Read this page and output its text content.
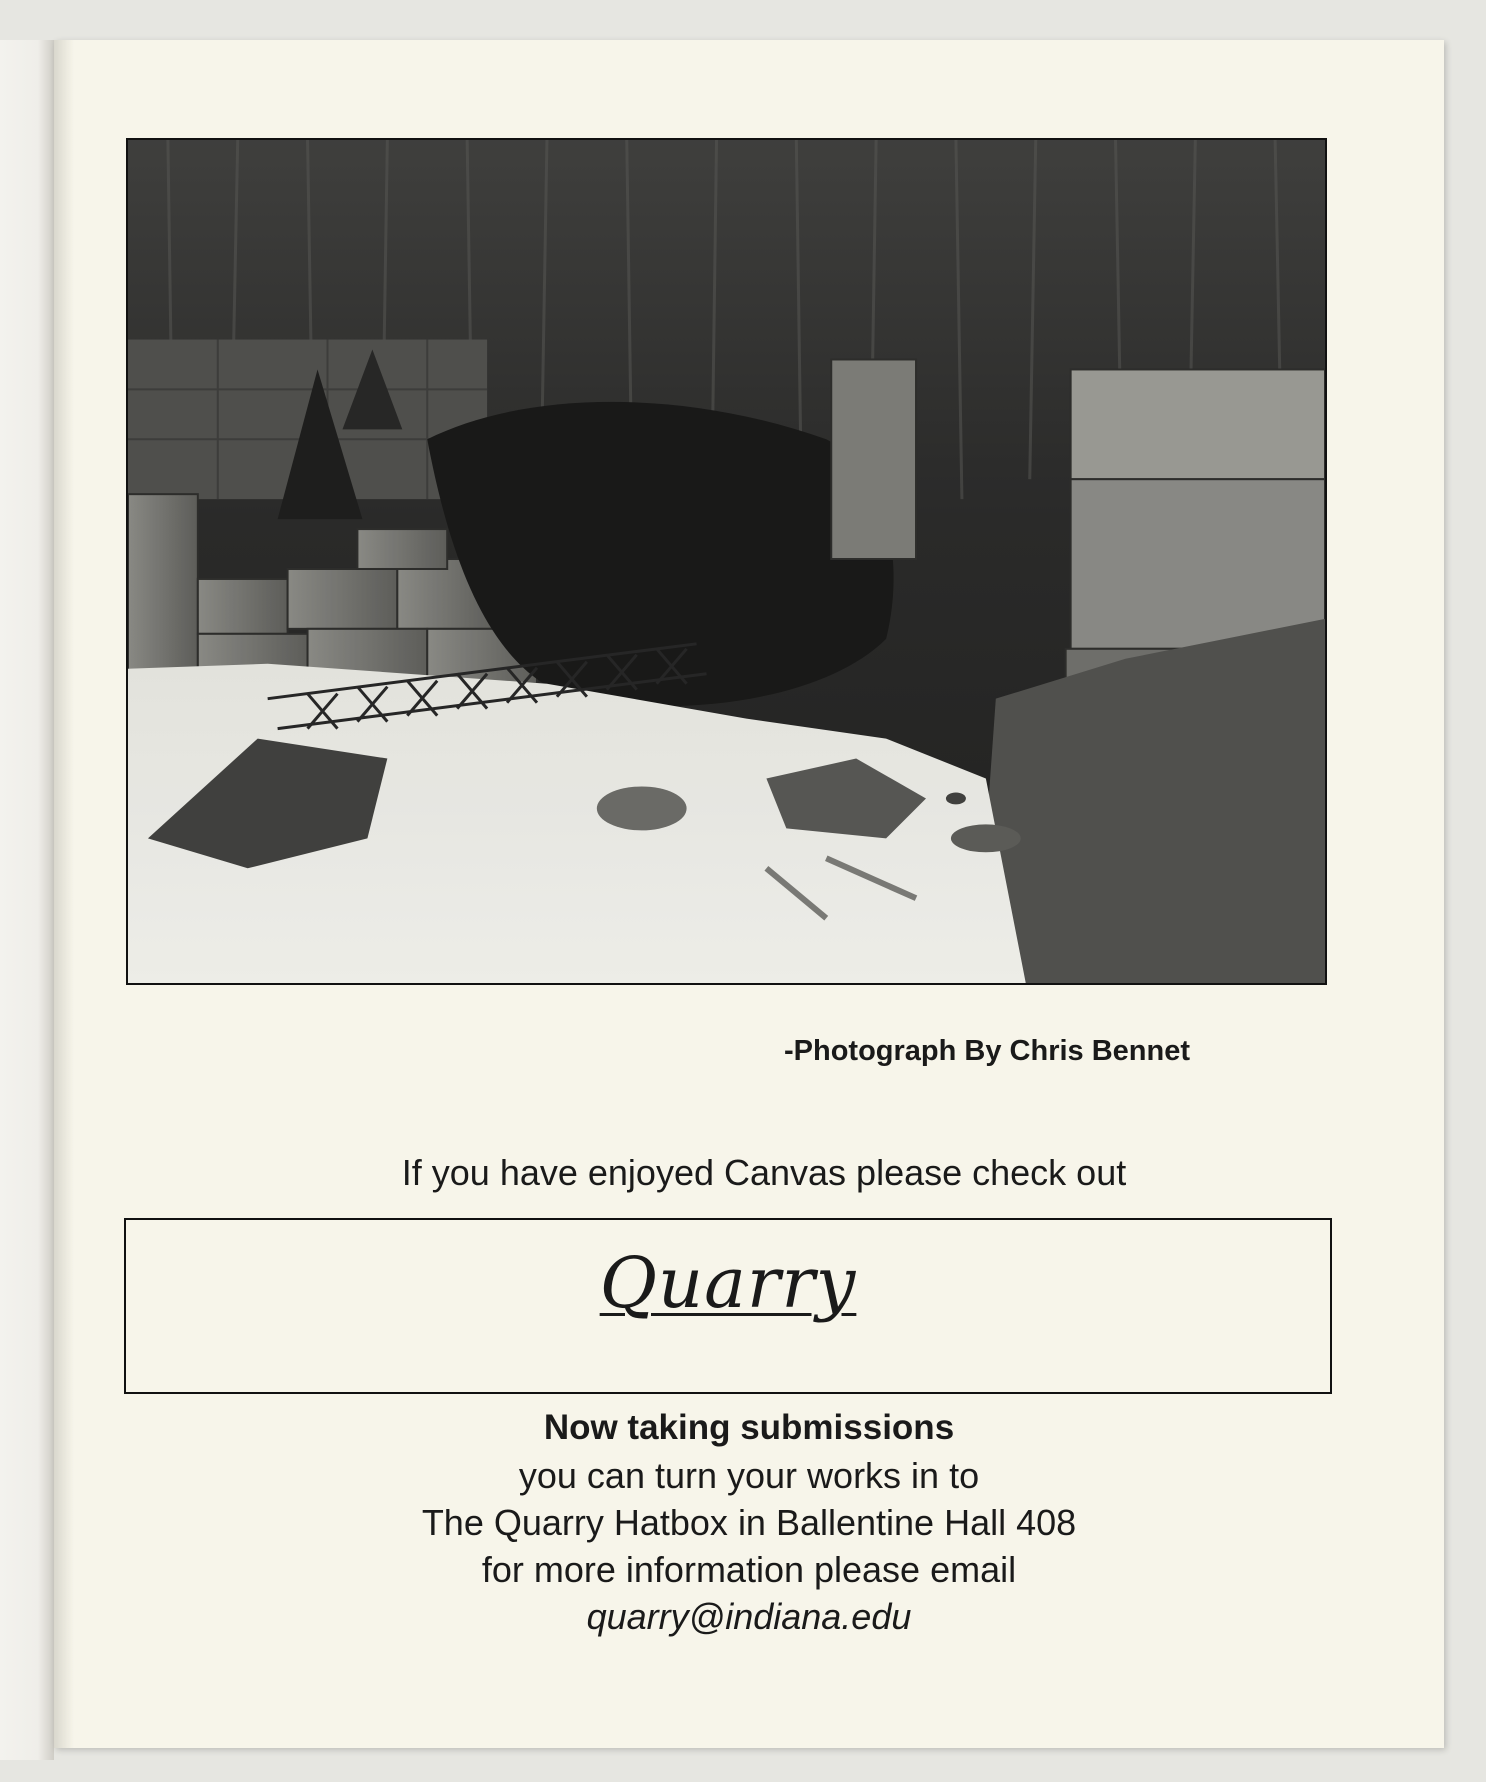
-Photograph By Chris Bennet
If you have enjoyed Canvas please check out
Quarry
Now taking submissions
you can turn your works in to
The Quarry Hatbox in Ballentine Hall 408
for more information please email
quarry@indiana.edu
